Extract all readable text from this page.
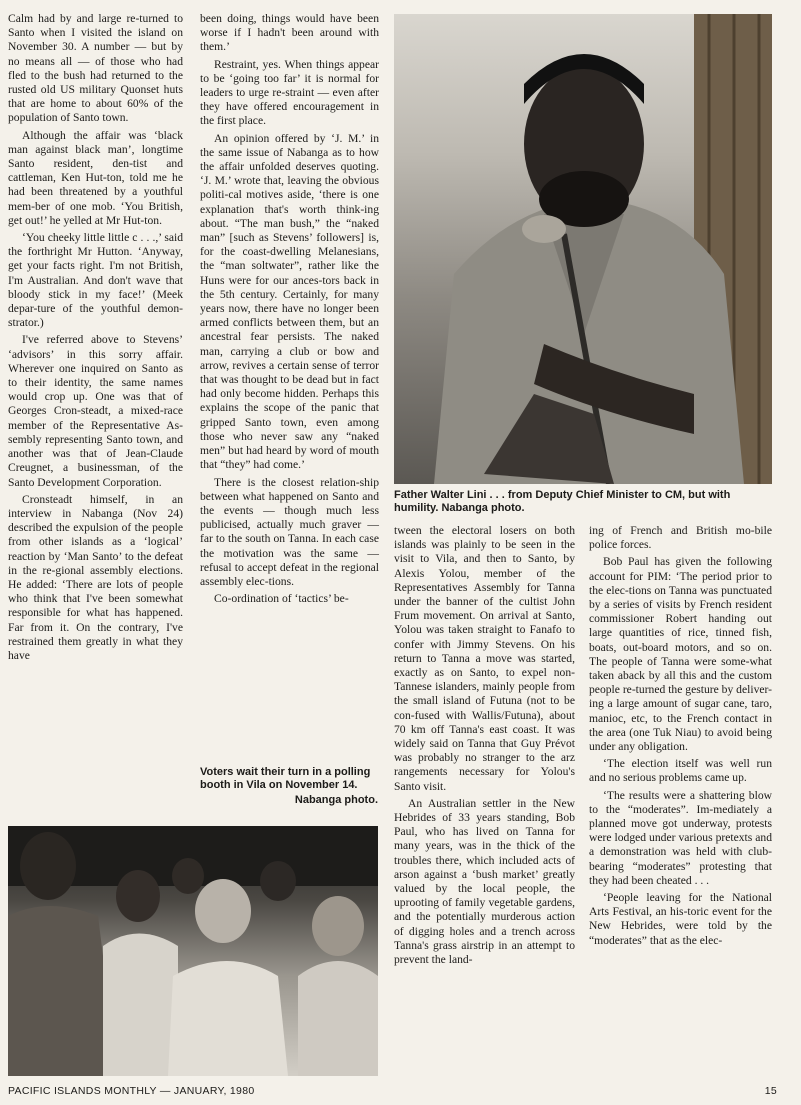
Calm had by and large re-turned to Santo when I visited the island on November 30. A number — but by no means all — of those who had fled to the bush had returned to the rusted old US military Quonset huts that are home to about 60% of the population of Santo town.

Although the affair was ‘black man against black man’, longtime Santo resident, den-tist and cattleman, Ken Hut-ton, told me he had been threatened by a youthful mem-ber of one mob. ‘You British, get out!’ he yelled at Mr Hut-ton.

‘You cheeky little little c . . .,’ said the forthright Mr Hutton. ‘Anyway, get your facts right. I'm not British, I'm Australian. And don't wave that bloody stick in my face!’ (Meek depar-ture of the youthful demon-strator.)

I've referred above to Stevens’ ‘advisors’ in this sorry affair. Wherever one inquired on Santo as to their identity, the same names would crop up. One was that of Georges Cron-steadt, a mixed-race member of the Representative As-sembly representing Santo town, and another was that of Jean-Claude Creugnet, a businessman, of the Santo Development Corporation.

Cronsteadt himself, in an interview in Nabanga (Nov 24) described the expulsion of the people from other islands as a ‘logical’ reaction by ‘Man Santo’ to the defeat in the re-gional assembly elections. He added: ‘There are lots of people who think that I've been somewhat responsible for what has happened. Far from it. On the contrary, I've restrained them greatly in what they have

been doing, things would have been worse if I hadn't been around with them.’

Restraint, yes. When things appear to be ‘going too far’ it is normal for leaders to urge re-straint — even after they have offered encouragement in the first place.

An opinion offered by ‘J. M.’ in the same issue of Nabanga as to how the affair unfolded deserves quoting. ‘J. M.’ wrote that, leaving the obvious politi-cal motives aside, ‘there is one explanation that's worth think-ing about. “The man bush,” the “naked man” [such as Stevens’ followers] is, for the coast-dwelling Melanesians, the “man soltwater”, rather like the Huns were for our ances-tors back in the 5th century. Certainly, for many years now, there have no longer been armed conflicts between them, but an ancestral fear persists. The naked man, carrying a club or bow and arrow, revives a certain sense of terror that was thought to be dead but in fact had only become hidden. Perhaps this explains the scope of the panic that gripped Santo town, even among those who never saw any “naked men” but had heard by word of mouth that “they” had come.’

There is the closest relation-ship between what happened on Santo and the events — though much less publicised, actually much graver — far to the south on Tanna. In each case the motivation was the same — refusal to accept defeat in the regional assembly elec-tions.

Co-ordination of ‘tactics’ be-

Father Walter Lini . . . from Deputy Chief Minister to CM, but with humility. Nabanga photo.

tween the electoral losers on both islands was plainly to be seen in the visit to Vila, and then to Santo, by Alexis Yolou, member of the Representatives Assembly for Tanna under the banner of the cultist John Frum movement. On arrival at Santo, Yolou was taken straight to Fanafo to confer with Jimmy Stevens. On his return to Tanna a move was started, exactly as on Santo, to expel non-Tannese islanders, mainly people from the small island of Futuna (not to be con-fused with Wallis/Futuna), about 70 km off Tanna's east coast. It was widely said on Tanna that Guy Prévot was probably no stranger to the arz rangements necessary for Yolou's Santo visit.

An Australian settler in the New Hebrides of 33 years standing, Bob Paul, who has lived on Tanna for many years, was in the thick of the troubles there, which included acts of arson against a ‘bush market’ greatly valued by the local people, the uprooting of family vegetable gardens, and the potentially murderous action of digging holes and a trench across Tanna's grass airstrip in an attempt to prevent the land-

ing of French and British mo-bile police forces.

Bob Paul has given the following account for PIM: ‘The period prior to the elec-tions on Tanna was punctuated by a series of visits by French resident commissioner Robert handing out large quantities of rice, tinned fish, boats, out-board motors, and so on. The people of Tanna were some-what taken aback by all this and the custom people re-turned the gesture by deliver-ing a large amount of sugar cane, taro, manioc, etc, to the French contact in the area (one Tuk Niau) to avoid being under any obligation.

‘The election itself was well run and no serious problems came up.

‘The results were a shattering blow to the “moderates”. Im-mediately a planned move got underway, protests were lodged under various pretexts and a demonstration was held with club-bearing “moderates” protesting that they had been cheated . . .

‘People leaving for the National Arts Festival, an his-toric event for the New Hebrides, were told by the “moderates” that as the elec-

Voters wait their turn in a polling booth in Vila on November 14.
Nabanga photo.
PACIFIC ISLANDS MONTHLY — JANUARY, 1980	15
